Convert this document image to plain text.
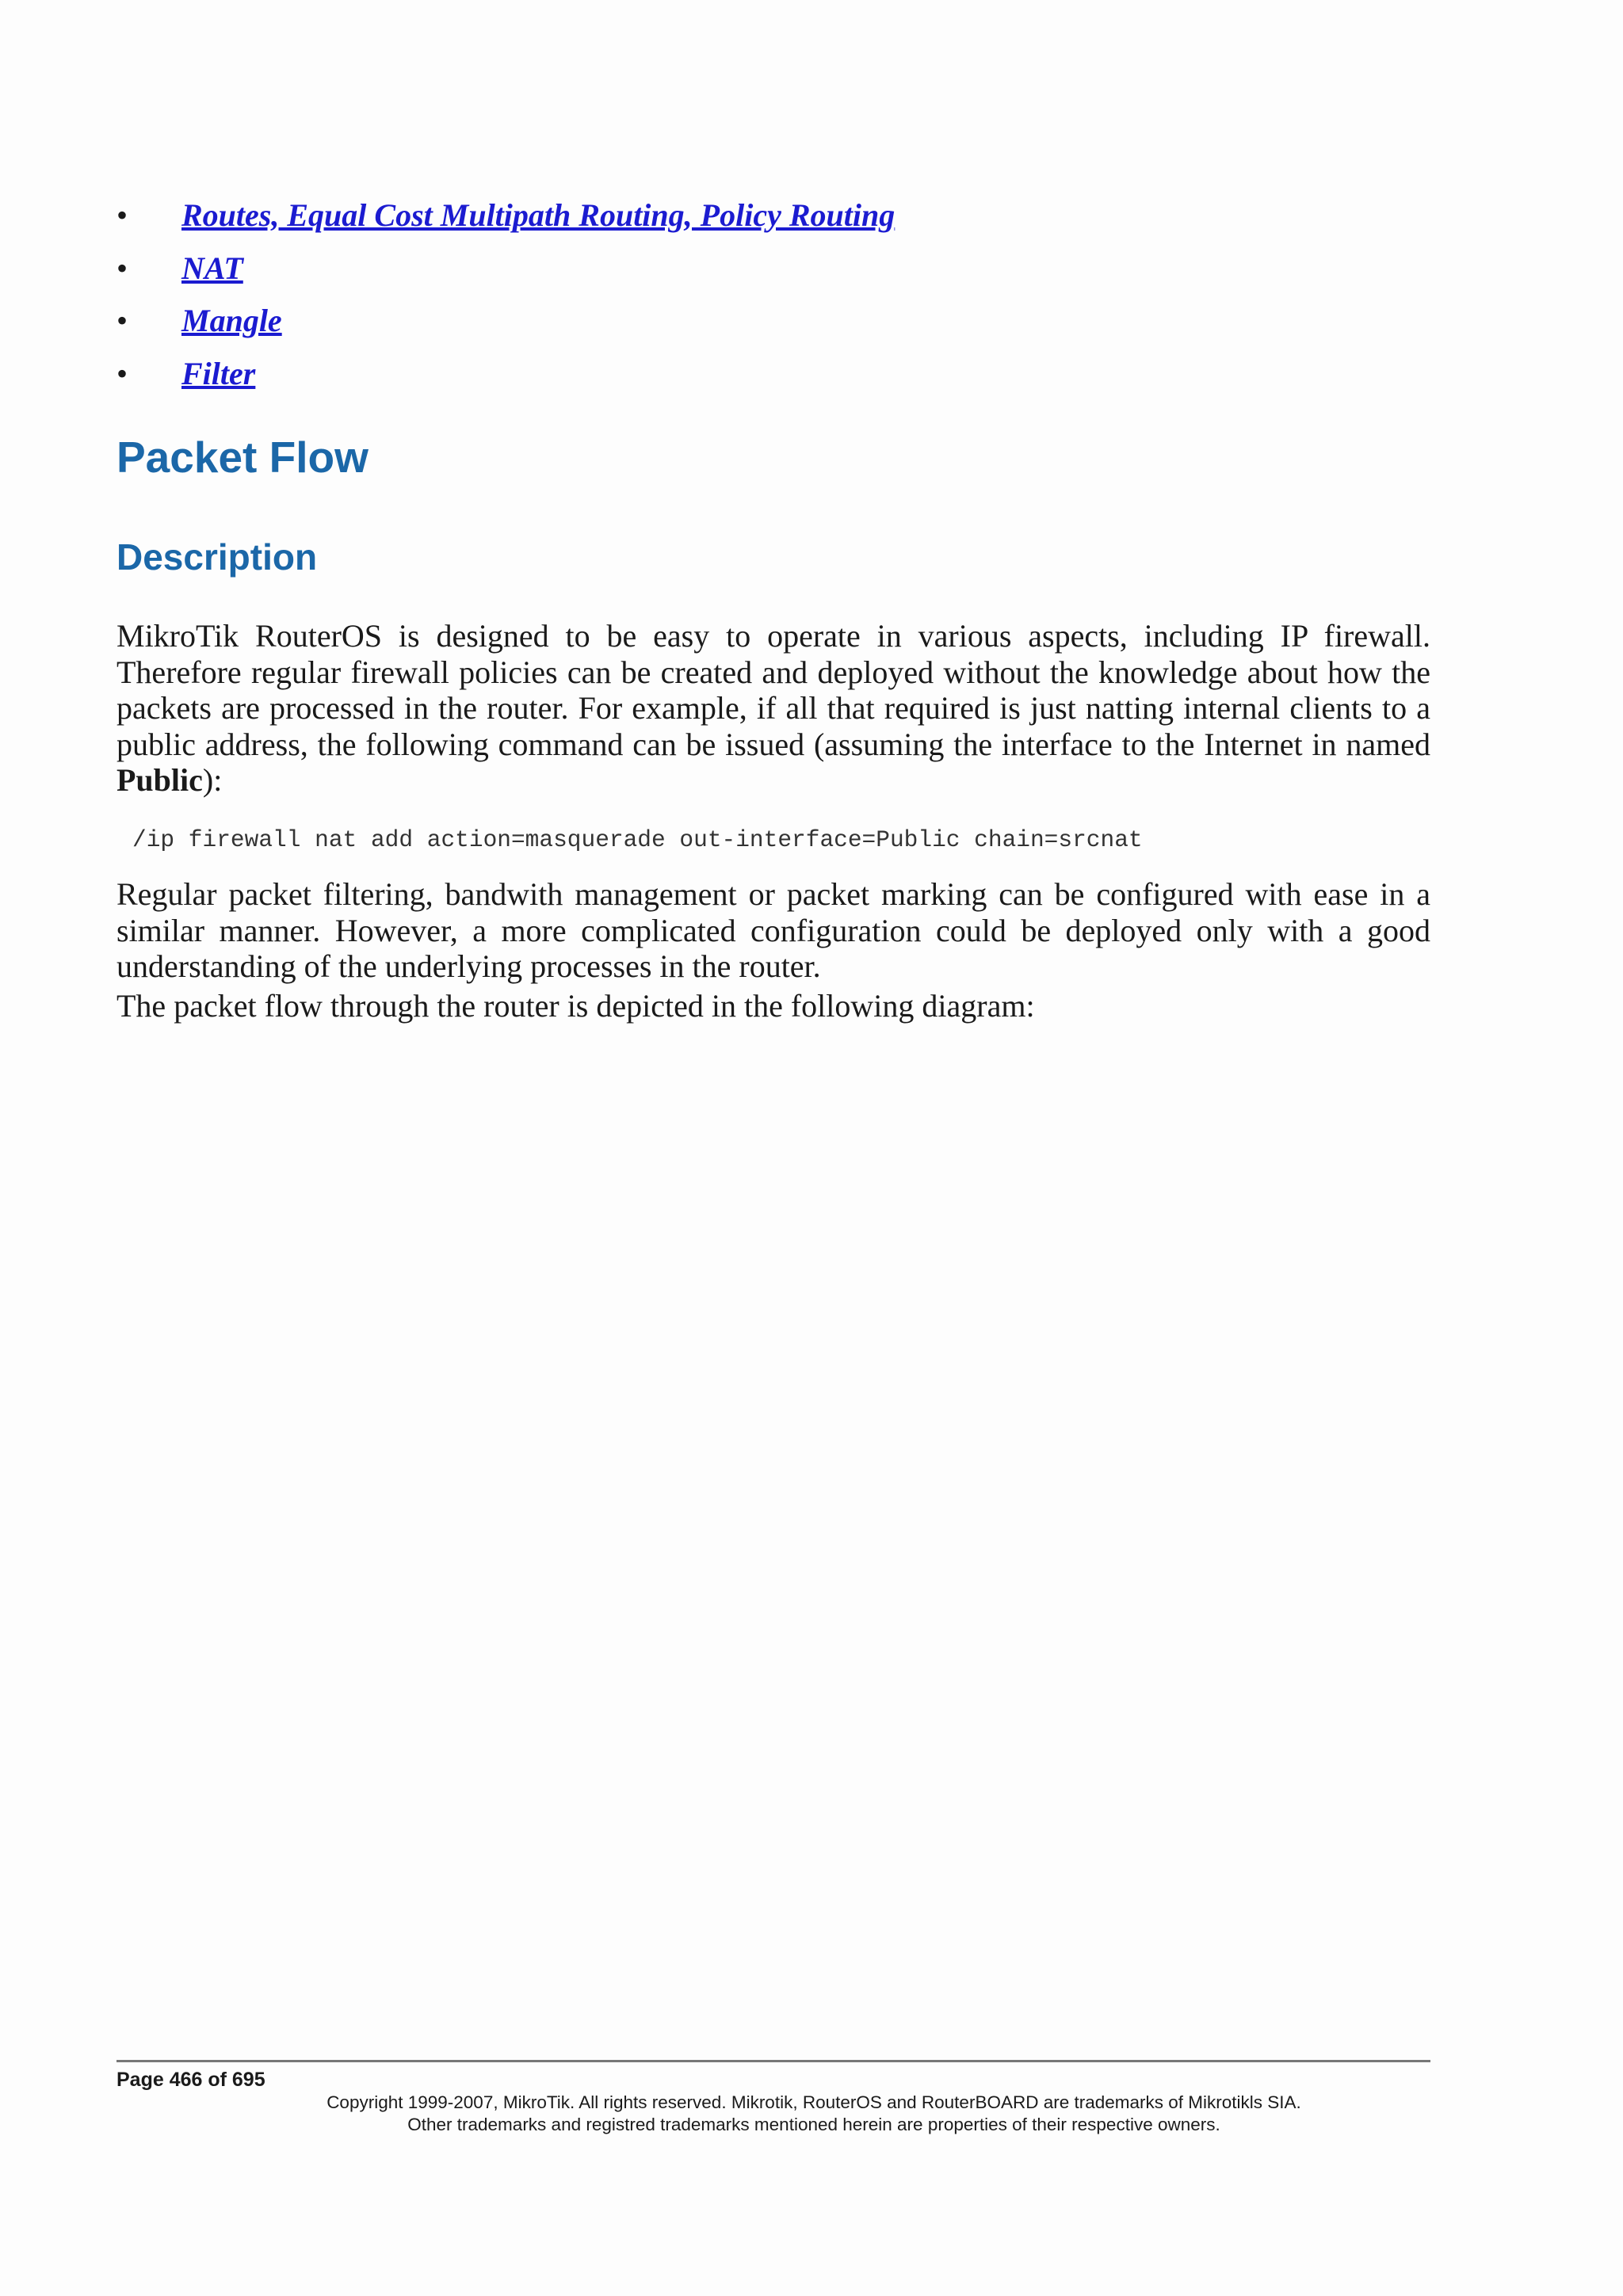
• Routes, Equal Cost Multipath Routing, Policy Routing
• NAT
• Mangle
• Filter
Packet Flow
Description

MikroTik RouterOS is designed to be easy to operate in various aspects, including IP firewall. Therefore regular firewall policies can be created and deployed without the knowledge about how the packets are processed in the router. For example, if all that required is just natting internal clients to a public address, the following command can be issued (assuming the interface to the Internet in named Public):

/ip firewall nat add action=masquerade out-interface=Public chain=srcnat

Regular packet filtering, bandwith management or packet marking can be configured with ease in a similar manner. However, a more complicated configuration could be deployed only with a good understanding of the underlying processes in the router.

The packet flow through the router is depicted in the following diagram:

Page 466 of 695
Copyright 1999-2007, MikroTik. All rights reserved. Mikrotik, RouterOS and RouterBOARD are trademarks of Mikrotikls SIA.
Other trademarks and registred trademarks mentioned herein are properties of their respective owners.
